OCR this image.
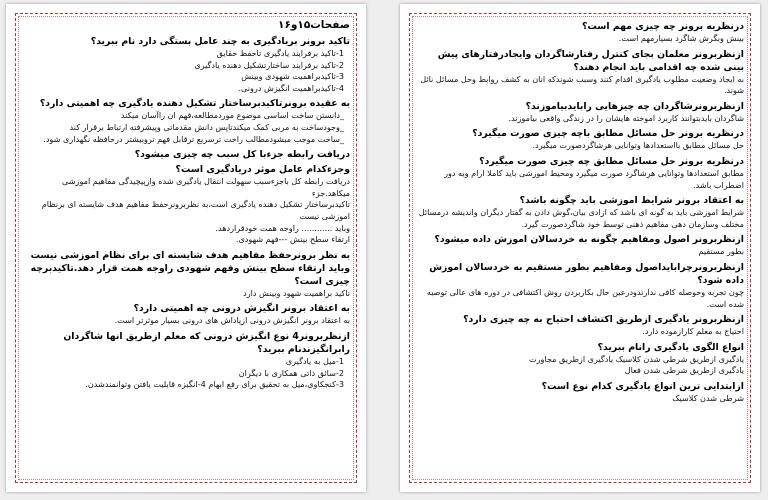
صفحات۱۵و۱۶
تاکید برونر بریادگیری به چند عامل بستگی دارد نام ببرید؟
1-تاکید برفرایند یادگیری تاحفظ حقایق
2-تاکید برفرایند ساختارتشکیل دهنده یادگیری
3-تاکیدبراهمیت شهودی وبینش
4-تاکیدبراهمیت انگیزش درونی.
به عقیده برونرتاکیدبرساختار تشکیل دهنده یادگیری چه اهمیتی دارد؟
_دانستن ساخت اساسی موضوع موردمطالعه،فهم ان راآسان میکند
_وجودساخت به مربی کمک میکندتاپس دانش مقدماتی وپیشرفته ارتباط برقرار کند
_ساخت موجب میشودمطالب راحت ترسریع ترقابل فهم تروبیشتر درحافظه نگهداری شود.
دریافت رابطه جزءبا کل سبب چه چیزی میشود؟
وجزءکدام عامل موثر دریادگیری است؟
دریافت رابطه کل باجزءسبب سهولت انتقال یادگیری شده وازپیچیدگی مفاهیم اموزشی میکاهد.جزء
تاکیدبرساختار تشکیل دهنده یادگیری است،به نظربرونرحفظ مفاهیم هدف شایسته ای برنظام اموزشی نیست
وباید ............ راوجه همت خودقراردهد.
ارتقاء سطح بینش ---فهم شهودی.
به نظر برونرحفظ مفاهیم هدف شایسته ای برای نظام اموزشی نیست وباید ارتقاء سطح بینش وفهم شهودی راوجه همت قرار دهد.تاکیدبرچه چیزی است؟
تاکید براهمیت شهود وبینش دارد
به اعتقاد برونر انگیزش درونی چه اهمیتی دارد؟
به اعتقاد برونر انگیزش درونی ازپاداش های درونی بسیار موثرتر است.
ازنظربرونر4 نوع انگیزش درونی که معلم ازطریق انها شاگردان رابرانگیزندنام ببرید؟
1-میل به یادگیری
2-سائق ذاتی همکاری با دیگران
3-کنجکاوی،میل به تحقیق برای رفع ابهام 4-انگیزه قابلیت یافتن وتوانمندشدن.
درنظریه برونر چه چیزی مهم است؟
بینش وبگرش شاگرد بسیارمهم است.
ازنظربرونر معلمان بجای کنترل رفتارشاگردان وایجادرفتارهای پیش بینی شده چه اقدامی باید انجام دهند؟
به ایجاد وضعیت مطلوب یادگیری اقدام کنند وسبب شوندکه انان به کشف روابط وحل مسائل نائل شوند.
ازنظربرونرشاگردان چه چیزهایی رابایدبیاموزند؟
شاگردان بایدبتوانند کاربرد اموخته هایشان را در زندگی واقعی بیاموزند.
درنظریه برونر حل مسائل مطابق باچه چیزی صورت میگیرد؟
حل مسائل مطابق بااستعدادها وتوانایی هرشاگردصورت میگیرد.
درنظریه برونر حل مسائل مطابق چه چیزی صورت میگیرد؟
مطابق استعدادها وتوانایی هرشاگرد صورت میگیرد ومحیط اموزشی باید کاملا ارام وبه دور اضطراب باشد.
به اعتقاد برونر شرایط اموزشی باید چگونه باشد؟
شرایط اموزشی باید به گونه ای باشد که ازادی بیان،گوش دادن به گفتار دیگران واندیشه درمسائل مختلف وسازمان دهی مفاهیم ذهنی توسط خود شاگردصورت گیرد.
ازنظربرونر اصول ومفاهیم چگونه به خردسالان اموزش داده میشود؟
بطور مستقیم
ازنظربرونرچرابایداصول ومفاهیم بطور مستقیم به خردسالان اموزش داده شود؟
چون تجربه وحوصله کافی ندارندودرعین حال بکاربردن روش اکتشافی در دوره های عالی توصیه شده است.
ازنظربرونر یادگیری ازطریق اکتشاف احتیاج به چه چیزی دارد؟
احتیاج به معلم کارازموده دارد.
انواع الگوی یادگیری رانام ببرید؟
یادگیری ازطریق شرطی شدن کلاسیک یادگیری ازطریق مجاورت
یادگیری ازطریق شرطی شدن فعال
ازابتدایی ترین انواع یادگیری کدام نوع است؟
شرطی شدن کلاسیک
